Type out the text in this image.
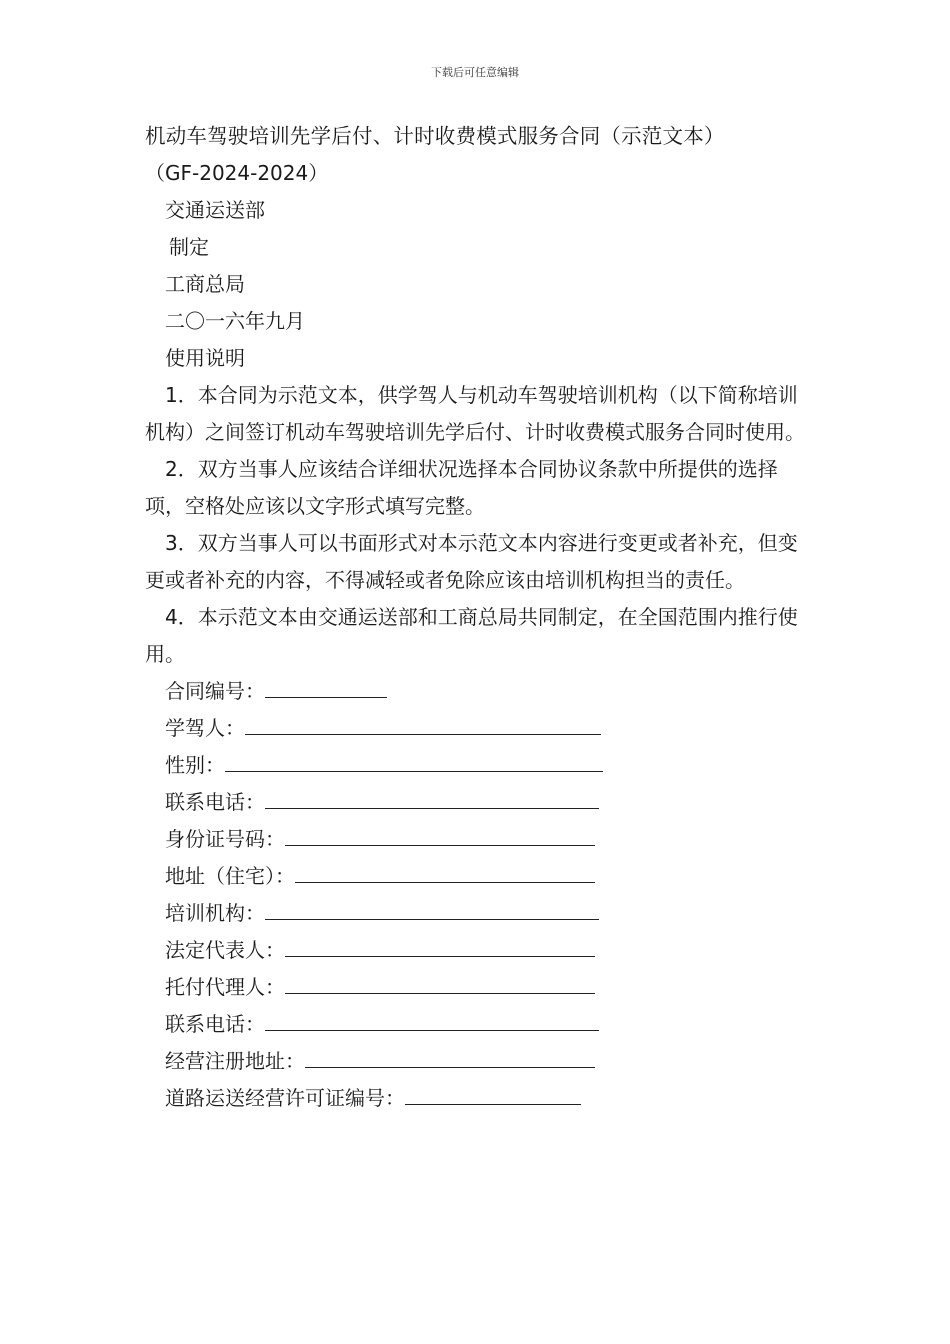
下载后可任意编辑
机动车驾驶培训先学后付、计时收费模式服务合同（示范文本）
（GF-2024-2024）
交通运送部
制定
工商总局
二〇一六年九月
使用说明

1．本合同为示范文本，供学驾人与机动车驾驶培训机构（以下简称培训机构）之间签订机动车驾驶培训先学后付、计时收费模式服务合同时使用。

2．双方当事人应该结合详细状况选择本合同协议条款中所提供的选择项，空格处应该以文字形式填写完整。

3．双方当事人可以书面形式对本示范文本内容进行变更或者补充，但变更或者补充的内容，不得减轻或者免除应该由培训机构担当的责任。

4．本示范文本由交通运送部和工商总局共同制定，在全国范围内推行使用。

合同编号：
学驾人：
性别：
联系电话：
身份证号码：
地址（住宅）：
培训机构：
法定代表人：
托付代理人：
联系电话：
经营注册地址：
道路运送经营许可证编号：
